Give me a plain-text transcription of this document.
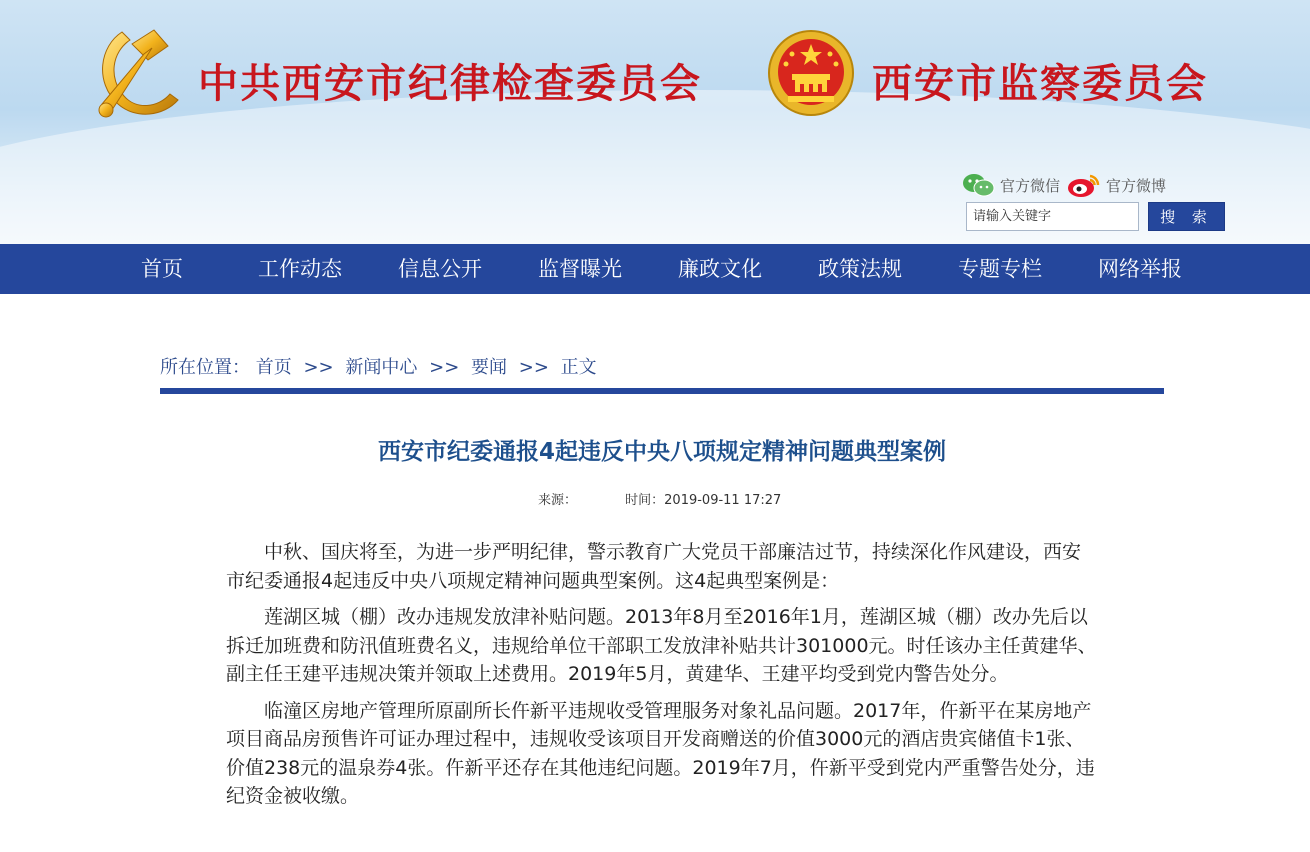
中共西安市纪律检查委员会	西安市监察委员会
官方微信	官方微博
请输入关键字
搜 索
首页	工作动态	信息公开	监督曝光	廉政文化	政策法规	专题专栏	网络举报
所在位置： 首页 >> 新闻中心 >> 要闻 >> 正文
西安市纪委通报4起违反中央八项规定精神问题典型案例
来源：	时间：2019-09-11 17:27

中秋、国庆将至，为进一步严明纪律，警示教育广大党员干部廉洁过节，持续深化作风建设，西安市纪委通报4起违反中央八项规定精神问题典型案例。这4起典型案例是：

莲湖区城（棚）改办违规发放津补贴问题。2013年8月至2016年1月，莲湖区城（棚）改办先后以拆迁加班费和防汛值班费名义，违规给单位干部职工发放津补贴共计301000元。时任该办主任黄建华、副主任王建平违规决策并领取上述费用。2019年5月，黄建华、王建平均受到党内警告处分。

临潼区房地产管理所原副所长仵新平违规收受管理服务对象礼品问题。2017年，仵新平在某房地产项目商品房预售许可证办理过程中，违规收受该项目开发商赠送的价值3000元的酒店贵宾储值卡1张、价值238元的温泉券4张。仵新平还存在其他违纪问题。2019年7月，仵新平受到党内严重警告处分，违纪资金被收缴。
